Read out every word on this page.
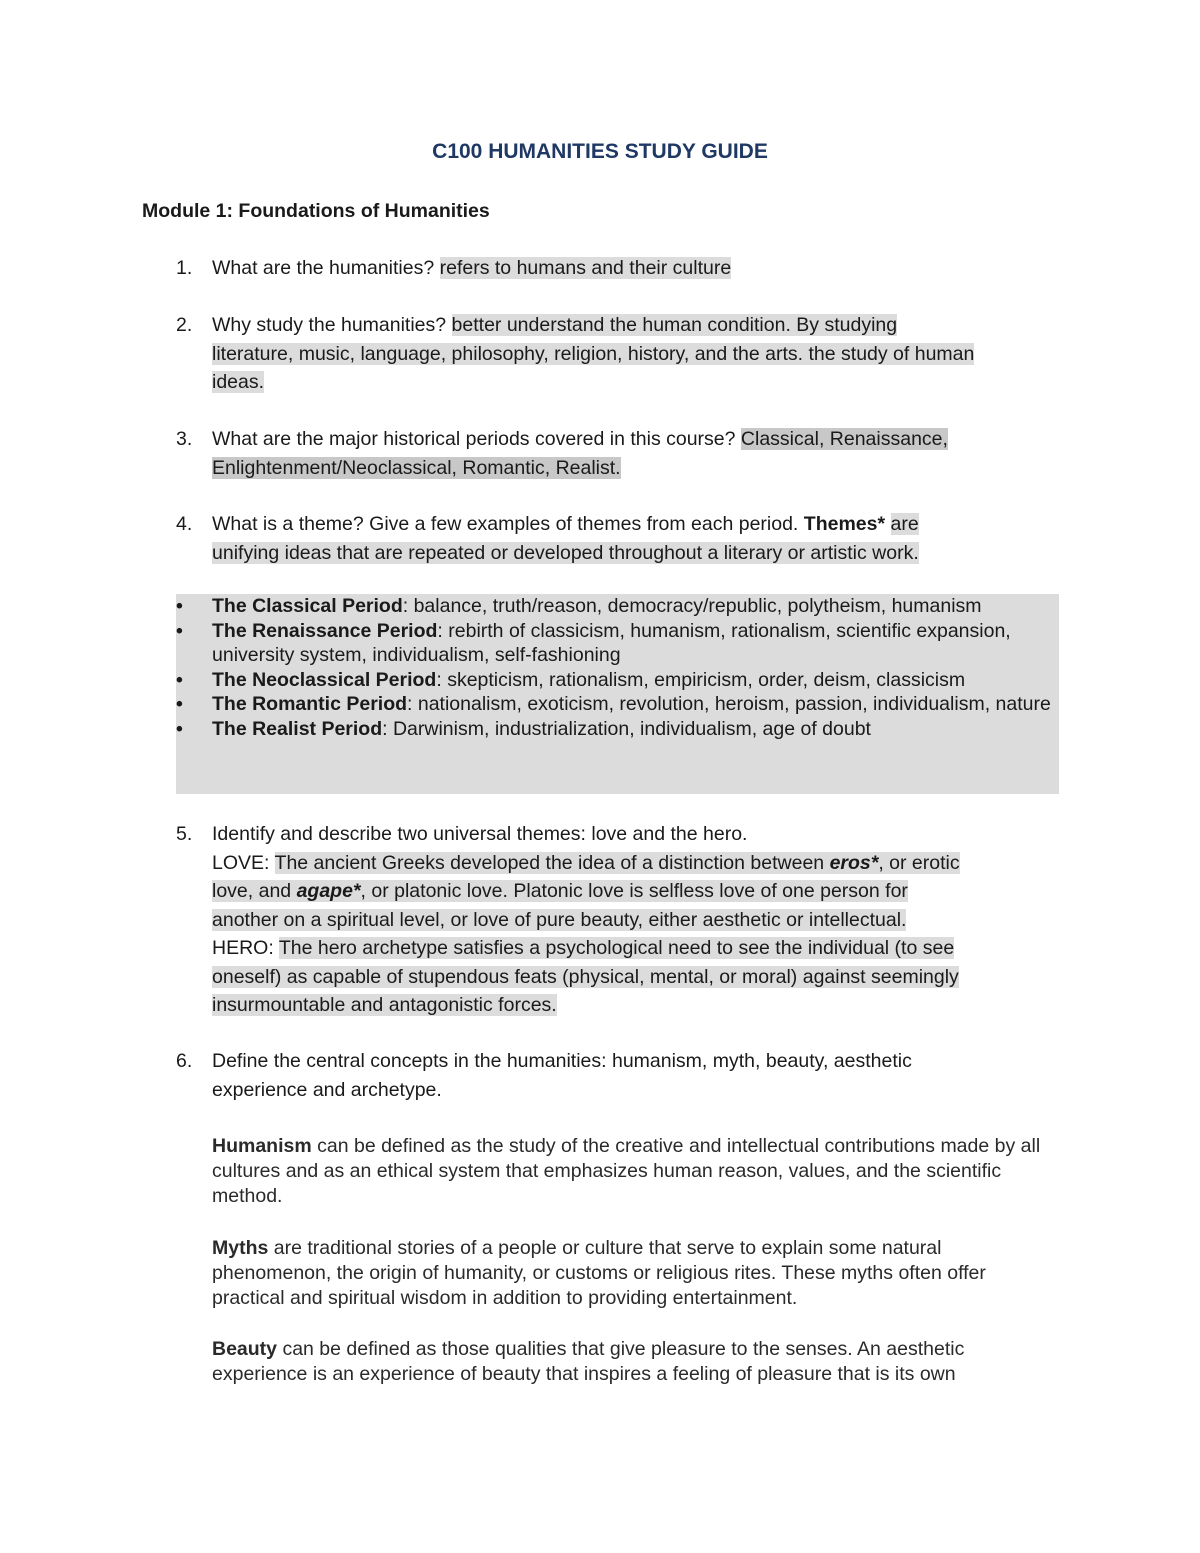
C100 HUMANITIES STUDY GUIDE
Module 1: Foundations of Humanities
1. What are the humanities? refers to humans and their culture
2. Why study the humanities? better understand the human condition. By studying
literature, music, language, philosophy, religion, history, and the arts. the study of human
ideas.
3. What are the major historical periods covered in this course? Classical, Renaissance,
Enlightenment/Neoclassical, Romantic, Realist.
4. What is a theme? Give a few examples of themes from each period. Themes* are
unifying ideas that are repeated or developed throughout a literary or artistic work.
• The Classical Period: balance, truth/reason, democracy/republic, polytheism, humanism
• The Renaissance Period: rebirth of classicism, humanism, rationalism, scientific expansion, university system, individualism, self-fashioning
• The Neoclassical Period: skepticism, rationalism, empiricism, order, deism, classicism
• The Romantic Period: nationalism, exoticism, revolution, heroism, passion, individualism, nature
• The Realist Period: Darwinism, industrialization, individualism, age of doubt
5. Identify and describe two universal themes: love and the hero.
LOVE: The ancient Greeks developed the idea of a distinction between eros*, or erotic
love, and agape*, or platonic love. Platonic love is selfless love of one person for
another on a spiritual level, or love of pure beauty, either aesthetic or intellectual.
HERO: The hero archetype satisfies a psychological need to see the individual (to see
oneself) as capable of stupendous feats (physical, mental, or moral) against seemingly
insurmountable and antagonistic forces.
6. Define the central concepts in the humanities: humanism, myth, beauty, aesthetic
experience and archetype.
Humanism can be defined as the study of the creative and intellectual contributions made by all cultures and as an ethical system that emphasizes human reason, values, and the scientific method.
Myths are traditional stories of a people or culture that serve to explain some natural phenomenon, the origin of humanity, or customs or religious rites. These myths often offer practical and spiritual wisdom in addition to providing entertainment.
Beauty can be defined as those qualities that give pleasure to the senses. An aesthetic experience is an experience of beauty that inspires a feeling of pleasure that is its own
